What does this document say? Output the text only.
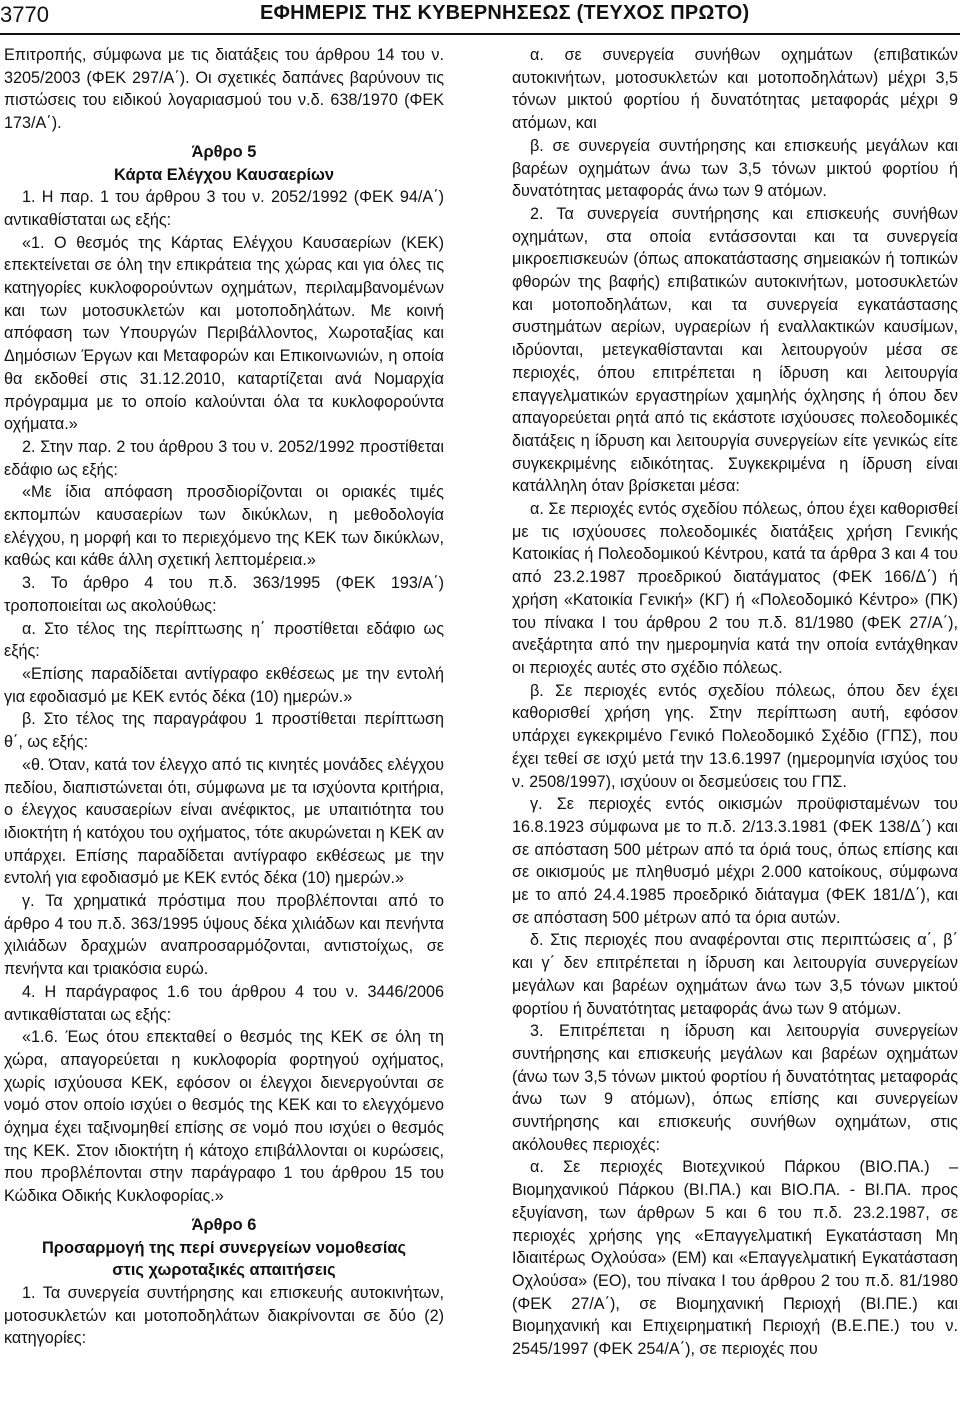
3770	ΕΦΗΜΕΡΙΣ ΤΗΣ ΚΥΒΕΡΝΗΣΕΩΣ (ΤΕΥΧΟΣ ΠΡΩΤΟ)

Επιτροπής, σύμφωνα με τις διατάξεις του άρθρου 14 του ν. 3205/2003 (ΦΕΚ 297/Α΄). Οι σχετικές δαπάνες βαρύνουν τις πιστώσεις του ειδικού λογαριασμού του ν.δ. 638/1970 (ΦΕΚ 173/Α΄).

Άρθρο 5
Κάρτα Ελέγχου Καυσαερίων

1. Η παρ. 1 του άρθρου 3 του ν. 2052/1992 (ΦΕΚ 94/Α΄) αντικαθίσταται ως εξής:

«1. Ο θεσμός της Κάρτας Ελέγχου Καυσαερίων (ΚΕΚ) επεκτείνεται σε όλη την επικράτεια της χώρας και για όλες τις κατηγορίες κυκλοφορούντων οχημάτων, περιλαμβανομένων και των μοτοσυκλετών και μοτοποδηλάτων. Με κοινή απόφαση των Υπουργών Περιβάλλοντος, Χωροταξίας και Δημόσιων Έργων και Μεταφορών και Επικοινωνιών, η οποία θα εκδοθεί στις 31.12.2010, καταρτίζεται ανά Νομαρχία πρόγραμμα με το οποίο καλούνται όλα τα κυκλοφορούντα οχήματα.»

2. Στην παρ. 2 του άρθρου 3 του ν. 2052/1992 προστίθεται εδάφιο ως εξής:

«Με ίδια απόφαση προσδιορίζονται οι οριακές τιμές εκπομπών καυσαερίων των δικύκλων, η μεθοδολογία ελέγχου, η μορφή και το περιεχόμενο της ΚΕΚ των δικύκλων, καθώς και κάθε άλλη σχετική λεπτομέρεια.»

3. Το άρθρο 4 του π.δ. 363/1995 (ΦΕΚ 193/Α΄) τροποποιείται ως ακολούθως:

α. Στο τέλος της περίπτωσης η΄ προστίθεται εδάφιο ως εξής:

«Επίσης παραδίδεται αντίγραφο εκθέσεως με την εντολή για εφοδιασμό με ΚΕΚ εντός δέκα (10) ημερών.»

β. Στο τέλος της παραγράφου 1 προστίθεται περίπτωση θ΄, ως εξής:

«θ. Όταν, κατά τον έλεγχο από τις κινητές μονάδες ελέγχου πεδίου, διαπιστώνεται ότι, σύμφωνα με τα ισχύοντα κριτήρια, ο έλεγχος καυσαερίων είναι ανέφικτος, με υπαιτιότητα του ιδιοκτήτη ή κατόχου του οχήματος, τότε ακυρώνεται η ΚΕΚ αν υπάρχει. Επίσης παραδίδεται αντίγραφο εκθέσεως με την εντολή για εφοδιασμό με ΚΕΚ εντός δέκα (10) ημερών.»

γ. Τα χρηματικά πρόστιμα που προβλέπονται από το άρθρο 4 του π.δ. 363/1995 ύψους δέκα χιλιάδων και πενήντα χιλιάδων δραχμών αναπροσαρμόζονται, αντιστοίχως, σε πενήντα και τριακόσια ευρώ.

4. Η παράγραφος 1.6 του άρθρου 4 του ν. 3446/2006 αντικαθίσταται ως εξής:

«1.6. Έως ότου επεκταθεί ο θεσμός της ΚΕΚ σε όλη τη χώρα, απαγορεύεται η κυκλοφορία φορτηγού οχήματος, χωρίς ισχύουσα ΚΕΚ, εφόσον οι έλεγχοι διενεργούνται σε νομό στον οποίο ισχύει ο θεσμός της ΚΕΚ και το ελεγχόμενο όχημα έχει ταξινομηθεί επίσης σε νομό που ισχύει ο θεσμός της ΚΕΚ. Στον ιδιοκτήτη ή κάτοχο επιβάλλονται οι κυρώσεις, που προβλέπονται στην παράγραφο 1 του άρθρου 15 του Κώδικα Οδικής Κυκλοφορίας.»

Άρθρο 6
Προσαρμογή της περί συνεργείων νομοθεσίας
στις χωροταξικές απαιτήσεις

1. Τα συνεργεία συντήρησης και επισκευής αυτοκινήτων, μοτοσυκλετών και μοτοποδηλάτων διακρίνονται σε δύο (2) κατηγορίες:

α. σε συνεργεία συνήθων οχημάτων (επιβατικών αυτοκινήτων, μοτοσυκλετών και μοτοποδηλάτων) μέχρι 3,5 τόνων μικτού φορτίου ή δυνατότητας μεταφοράς μέχρι 9 ατόμων, και

β. σε συνεργεία συντήρησης και επισκευής μεγάλων και βαρέων οχημάτων άνω των 3,5 τόνων μικτού φορτίου ή δυνατότητας μεταφοράς άνω των 9 ατόμων.

2. Τα συνεργεία συντήρησης και επισκευής συνήθων οχημάτων, στα οποία εντάσσονται και τα συνεργεία μικροεπισκευών (όπως αποκατάστασης σημειακών ή τοπικών φθορών της βαφής) επιβατικών αυτοκινήτων, μοτοσυκλετών και μοτοποδηλάτων, και τα συνεργεία εγκατάστασης συστημάτων αερίων, υγραερίων ή εναλλακτικών καυσίμων, ιδρύονται, μετεγκαθίστανται και λειτουργούν μέσα σε περιοχές, όπου επιτρέπεται η ίδρυση και λειτουργία επαγγελματικών εργαστηρίων χαμηλής όχλησης ή όπου δεν απαγορεύεται ρητά από τις εκάστοτε ισχύουσες πολεοδομικές διατάξεις η ίδρυση και λειτουργία συνεργείων είτε γενικώς είτε συγκεκριμένης ειδικότητας. Συγκεκριμένα η ίδρυση είναι κατάλληλη όταν βρίσκεται μέσα:

α. Σε περιοχές εντός σχεδίου πόλεως, όπου έχει καθορισθεί με τις ισχύουσες πολεοδομικές διατάξεις χρήση Γενικής Κατοικίας ή Πολεοδομικού Κέντρου, κατά τα άρθρα 3 και 4 του από 23.2.1987 προεδρικού διατάγματος (ΦΕΚ 166/Δ΄) ή χρήση «Κατοικία Γενική» (ΚΓ) ή «Πολεοδομικό Κέντρο» (ΠΚ) του πίνακα Ι του άρθρου 2 του π.δ. 81/1980 (ΦΕΚ 27/Α΄), ανεξάρτητα από την ημερομηνία κατά την οποία εντάχθηκαν οι περιοχές αυτές στο σχέδιο πόλεως.

β. Σε περιοχές εντός σχεδίου πόλεως, όπου δεν έχει καθορισθεί χρήση γης. Στην περίπτωση αυτή, εφόσον υπάρχει εγκεκριμένο Γενικό Πολεοδομικό Σχέδιο (ΓΠΣ), που έχει τεθεί σε ισχύ μετά την 13.6.1997 (ημερομηνία ισχύος του ν. 2508/1997), ισχύουν οι δεσμεύσεις του ΓΠΣ.

γ. Σε περιοχές εντός οικισμών προϋφισταμένων του 16.8.1923 σύμφωνα με το π.δ. 2/13.3.1981 (ΦΕΚ 138/Δ΄) και σε απόσταση 500 μέτρων από τα όριά τους, όπως επίσης και σε οικισμούς με πληθυσμό μέχρι 2.000 κατοίκους, σύμφωνα με το από 24.4.1985 προεδρικό διάταγμα (ΦΕΚ 181/Δ΄), και σε απόσταση 500 μέτρων από τα όρια αυτών.

δ. Στις περιοχές που αναφέρονται στις περιπτώσεις α΄, β΄ και γ΄ δεν επιτρέπεται η ίδρυση και λειτουργία συνεργείων μεγάλων και βαρέων οχημάτων άνω των 3,5 τόνων μικτού φορτίου ή δυνατότητας μεταφοράς άνω των 9 ατόμων.

3. Επιτρέπεται η ίδρυση και λειτουργία συνεργείων συντήρησης και επισκευής μεγάλων και βαρέων οχημάτων (άνω των 3,5 τόνων μικτού φορτίου ή δυνατότητας μεταφοράς άνω των 9 ατόμων), όπως επίσης και συνεργείων συντήρησης και επισκευής συνήθων οχημάτων, στις ακόλουθες περιοχές:

α. Σε περιοχές Βιοτεχνικού Πάρκου (ΒΙΟ.ΠΑ.) – Βιομηχανικού Πάρκου (ΒΙ.ΠΑ.) και ΒΙΟ.ΠΑ. - ΒΙ.ΠΑ. προς εξυγίανση, των άρθρων 5 και 6 του π.δ. 23.2.1987, σε περιοχές χρήσης γης «Επαγγελματική Εγκατάσταση Μη Ιδιαιτέρως Οχλούσα» (ΕΜ) και «Επαγγελματική Εγκατάσταση Οχλούσα» (ΕΟ), του πίνακα Ι του άρθρου 2 του π.δ. 81/1980 (ΦΕΚ 27/Α΄), σε Βιομηχανική Περιοχή (ΒΙ.ΠΕ.) και Βιομηχανική και Επιχειρηματική Περιοχή (Β.Ε.ΠΕ.) του ν. 2545/1997 (ΦΕΚ 254/Α΄), σε περιοχές που
